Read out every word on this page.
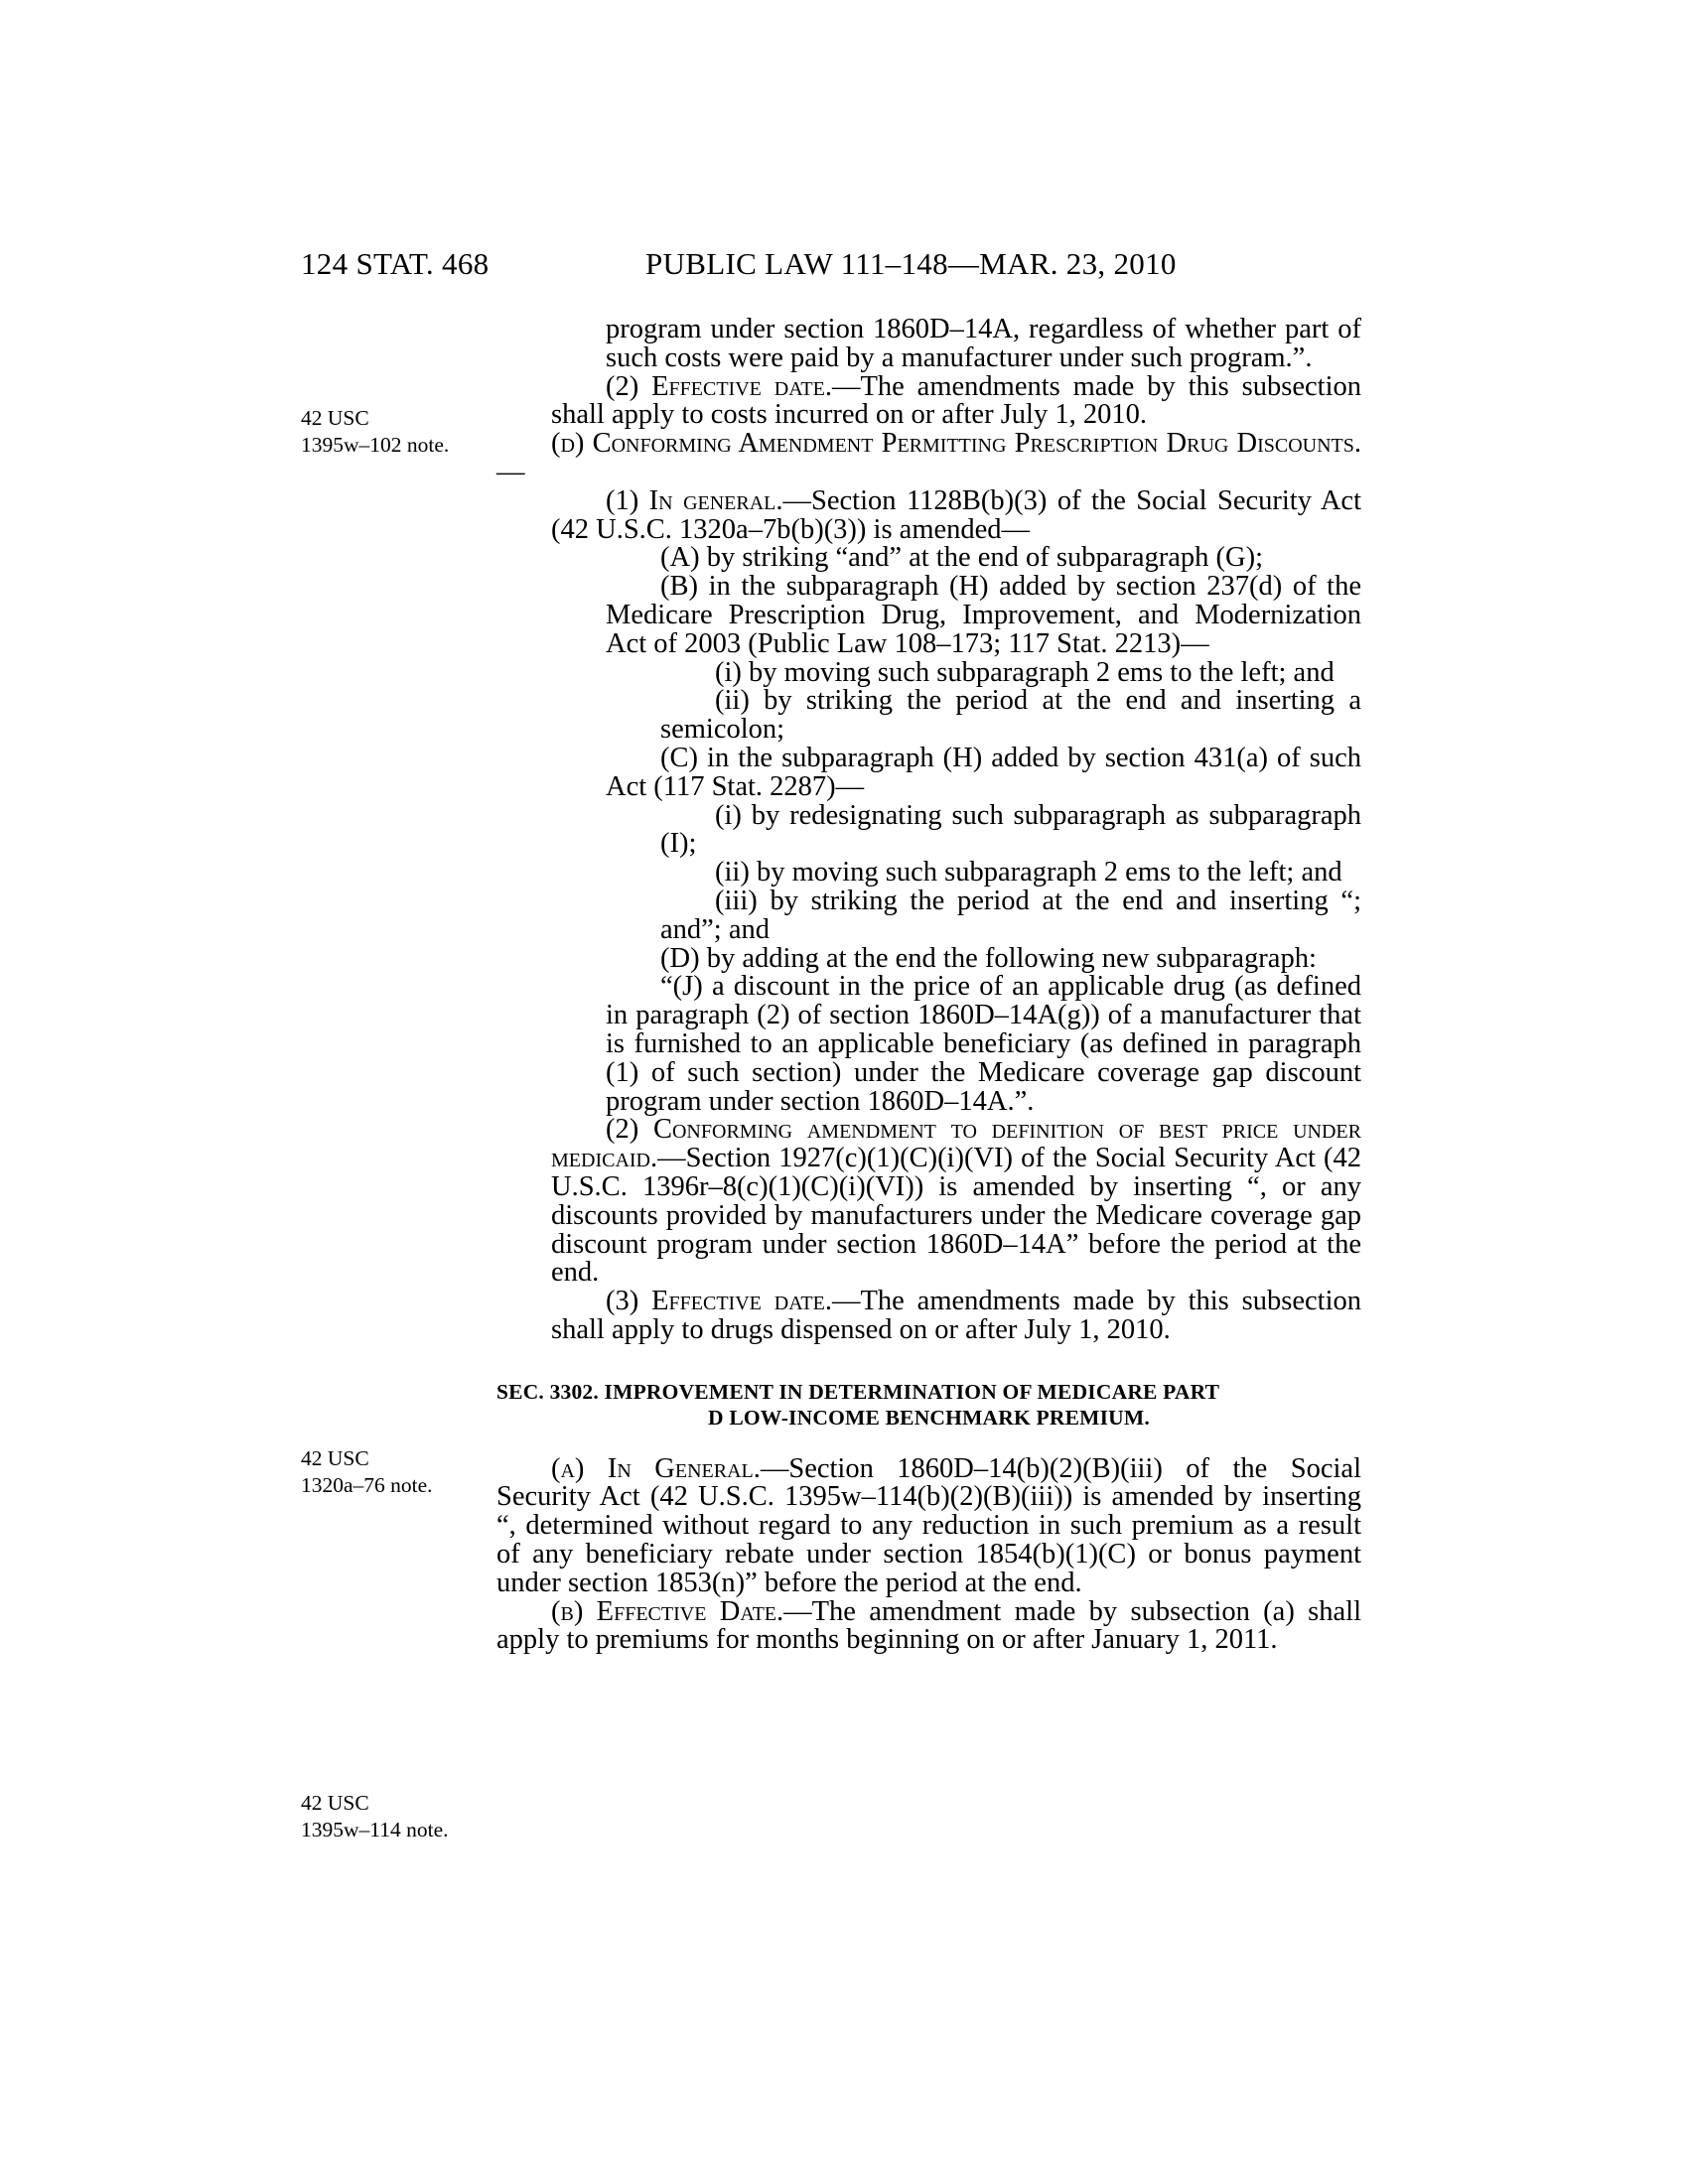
124 STAT. 468	PUBLIC LAW 111–148—MAR. 23, 2010
42 USC
1395w–102 note.
42 USC
1320a–76 note.
42 USC
1395w–114 note.

program under section 1860D–14A, regardless of whether part of such costs were paid by a manufacturer under such program.”.

(2) Effective date.—The amendments made by this subsection shall apply to costs incurred on or after July 1, 2010.

(d) Conforming Amendment Permitting Prescription Drug Discounts.—

(1) In general.—Section 1128B(b)(3) of the Social Security Act (42 U.S.C. 1320a–7b(b)(3)) is amended—

(A) by striking “and” at the end of subparagraph (G);

(B) in the subparagraph (H) added by section 237(d) of the Medicare Prescription Drug, Improvement, and Modernization Act of 2003 (Public Law 108–173; 117 Stat. 2213)—

(i) by moving such subparagraph 2 ems to the left; and

(ii) by striking the period at the end and inserting a semicolon;

(C) in the subparagraph (H) added by section 431(a) of such Act (117 Stat. 2287)—

(i) by redesignating such subparagraph as subparagraph (I);

(ii) by moving such subparagraph 2 ems to the left; and

(iii) by striking the period at the end and inserting “; and”; and

(D) by adding at the end the following new subparagraph:

“(J) a discount in the price of an applicable drug (as defined in paragraph (2) of section 1860D–14A(g)) of a manufacturer that is furnished to an applicable beneficiary (as defined in paragraph (1) of such section) under the Medicare coverage gap discount program under section 1860D–14A.”.

(2) Conforming amendment to definition of best price under medicaid.—Section 1927(c)(1)(C)(i)(VI) of the Social Security Act (42 U.S.C. 1396r–8(c)(1)(C)(i)(VI)) is amended by inserting “, or any discounts provided by manufacturers under the Medicare coverage gap discount program under section 1860D–14A” before the period at the end.

(3) Effective date.—The amendments made by this subsection shall apply to drugs dispensed on or after July 1, 2010.

SEC. 3302. IMPROVEMENT IN DETERMINATION OF MEDICARE PART
D LOW-INCOME BENCHMARK PREMIUM.

(a) In General.—Section 1860D–14(b)(2)(B)(iii) of the Social Security Act (42 U.S.C. 1395w–114(b)(2)(B)(iii)) is amended by inserting “, determined without regard to any reduction in such premium as a result of any beneficiary rebate under section 1854(b)(1)(C) or bonus payment under section 1853(n)” before the period at the end.

(b) Effective Date.—The amendment made by subsection (a) shall apply to premiums for months beginning on or after January 1, 2011.
